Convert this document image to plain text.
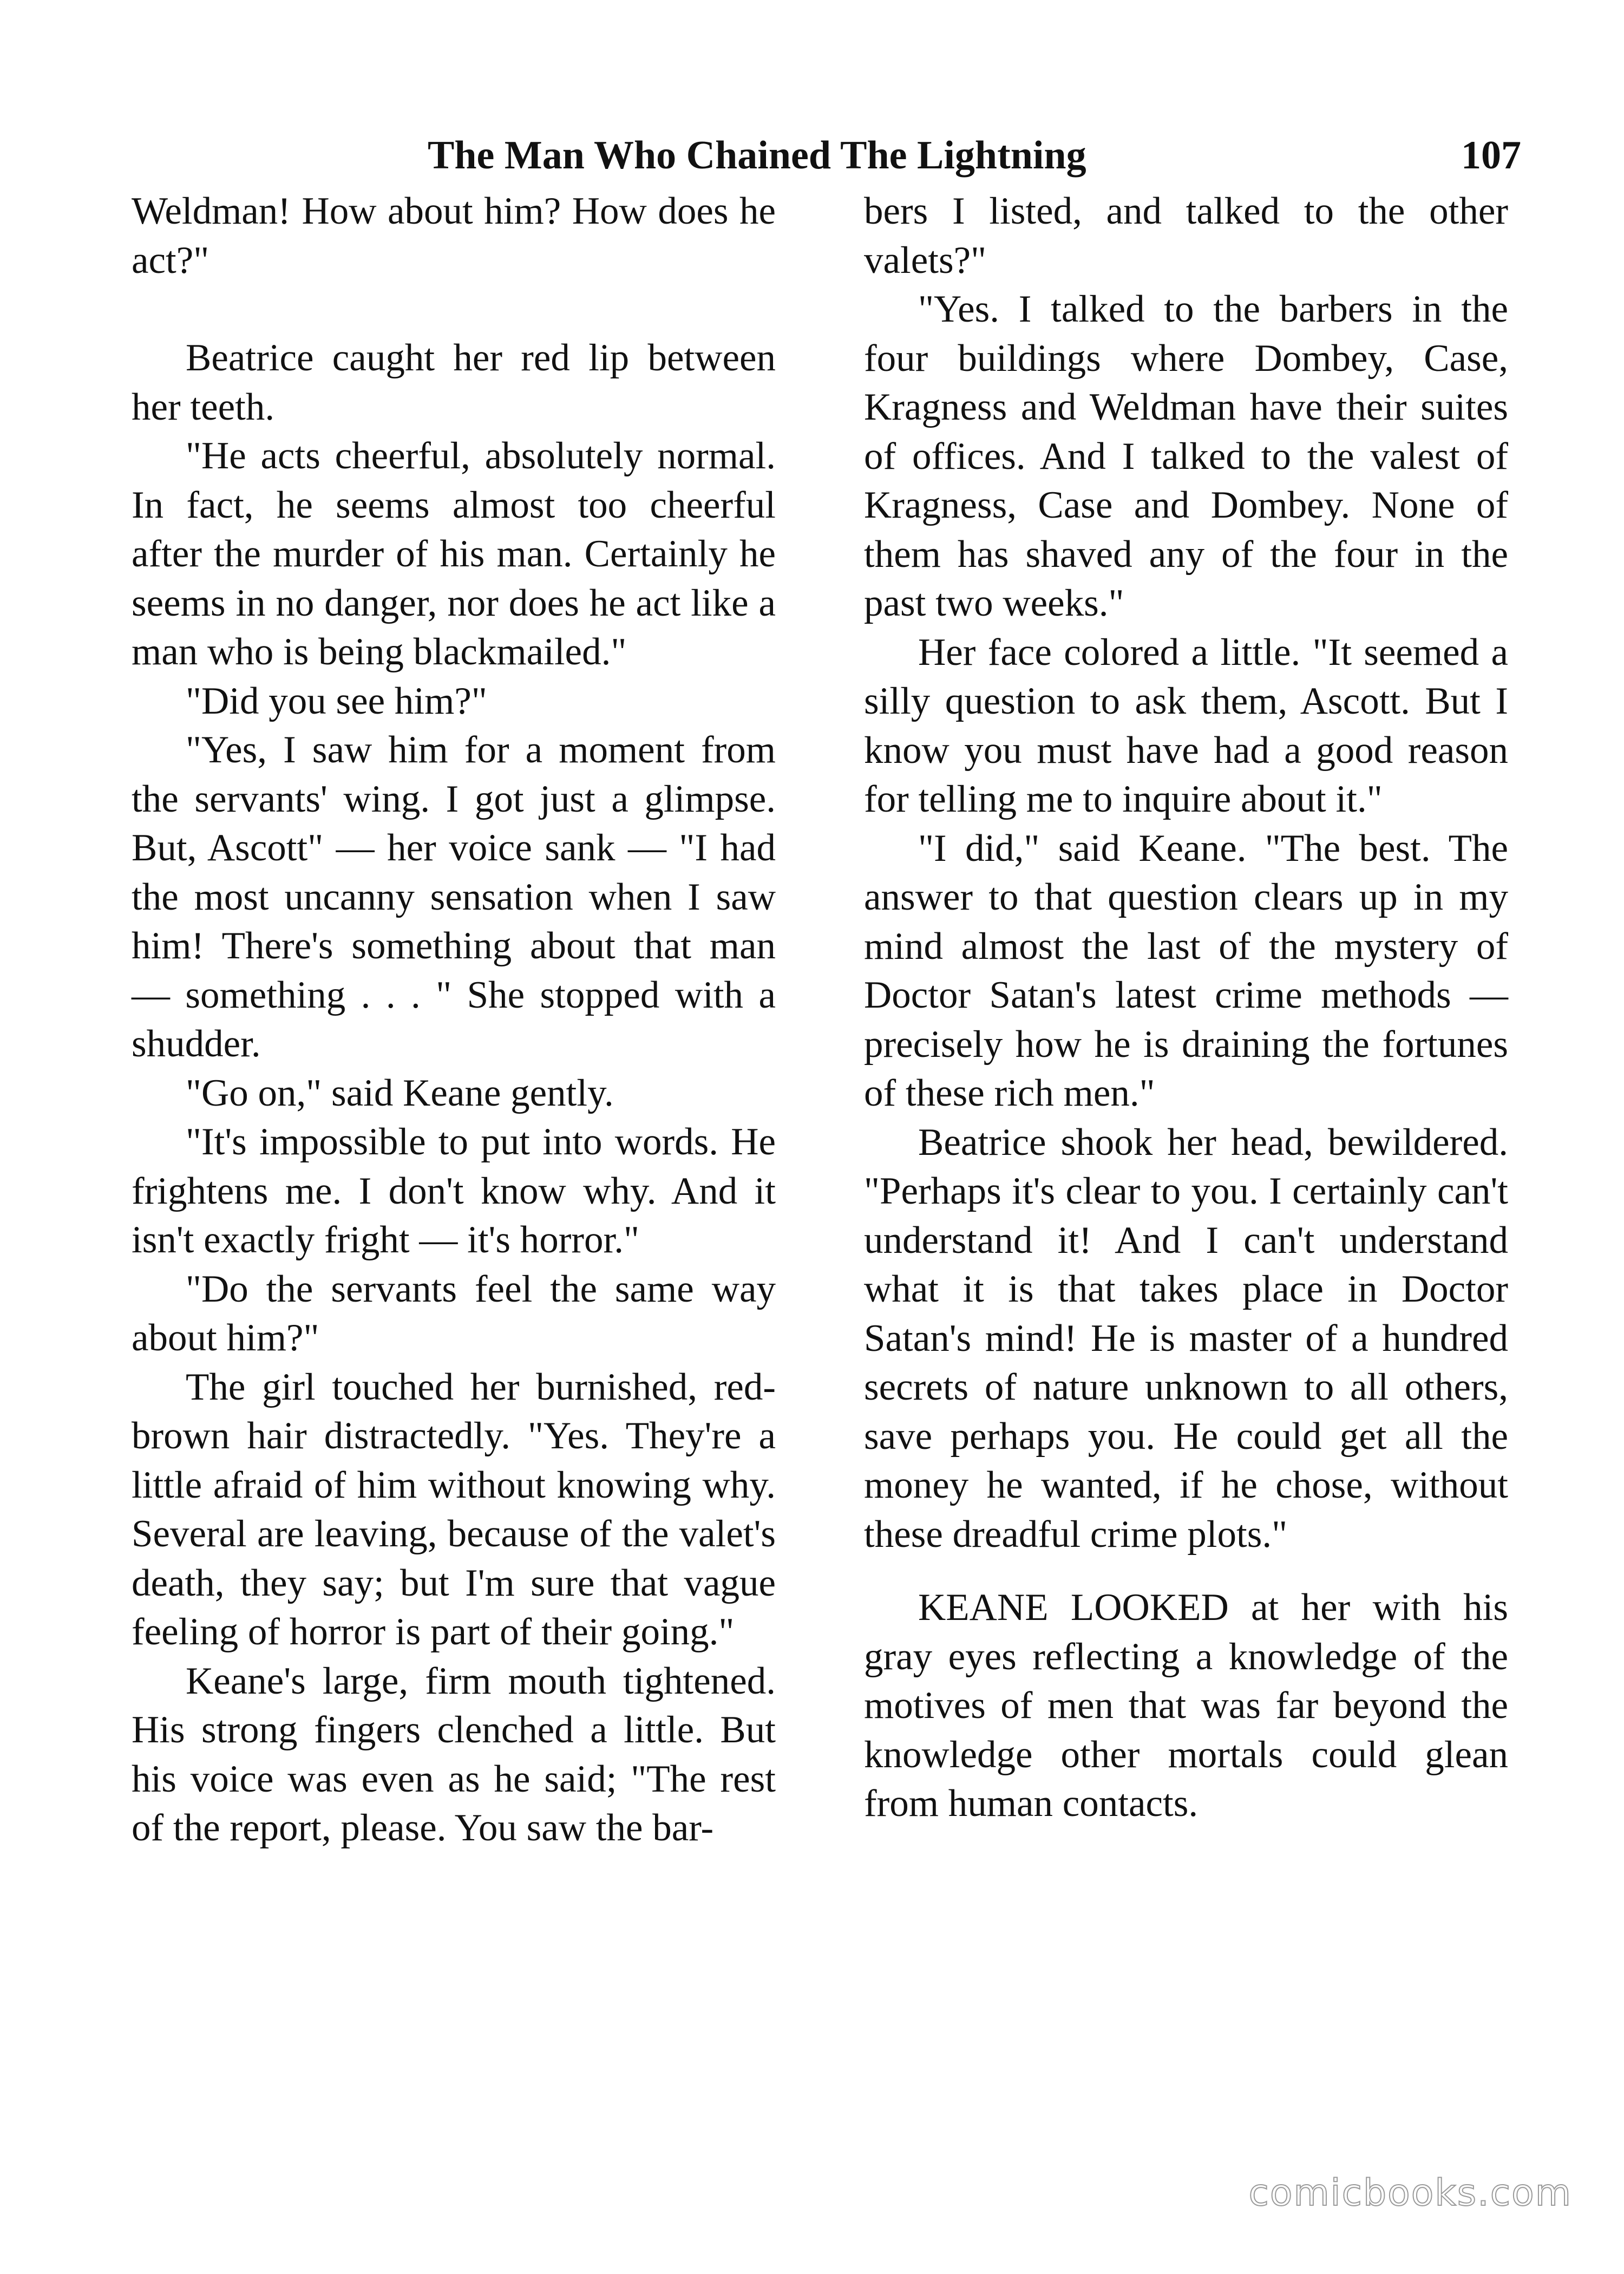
The Man Who Chained The Lightning	107

Weldman! How about him? How does he act?"

Beatrice caught her red lip between her teeth.

"He acts cheerful, absolutely normal. In fact, he seems almost too cheerful after the murder of his man. Certainly he seems in no danger, nor does he act like a man who is being blackmailed."

"Did you see him?"

"Yes, I saw him for a moment from the servants' wing. I got just a glimpse. But, Ascott" — her voice sank — "I had the most uncanny sensation when I saw him! There's something about that man — something . . . " She stopped with a shudder.

"Go on," said Keane gently.

"It's impossible to put into words. He frightens me. I don't know why. And it isn't exactly fright — it's horror."

"Do the servants feel the same way about him?"

The girl touched her burnished, red-brown hair distractedly. "Yes. They're a little afraid of him without knowing why. Several are leaving, because of the valet's death, they say; but I'm sure that vague feeling of horror is part of their going."

Keane's large, firm mouth tightened. His strong fingers clenched a little. But his voice was even as he said; "The rest of the report, please. You saw the bar-

bers I listed, and talked to the other valets?"

"Yes. I talked to the barbers in the four buildings where Dombey, Case, Kragness and Weldman have their suites of offices. And I talked to the valest of Kragness, Case and Dombey. None of them has shaved any of the four in the past two weeks."

Her face colored a little. "It seemed a silly question to ask them, Ascott. But I know you must have had a good reason for telling me to inquire about it."

"I did," said Keane. "The best. The answer to that question clears up in my mind almost the last of the mystery of Doctor Satan's latest crime methods — precisely how he is draining the fortunes of these rich men."

Beatrice shook her head, bewildered. "Perhaps it's clear to you. I certainly can't understand it! And I can't understand what it is that takes place in Doctor Satan's mind! He is master of a hundred secrets of nature unknown to all others, save perhaps you. He could get all the money he wanted, if he chose, without these dreadful crime plots."

KEANE LOOKED at her with his gray eyes reflecting a knowledge of the motives of men that was far beyond the knowledge other mortals could glean from human contacts.

comicbooks.com
